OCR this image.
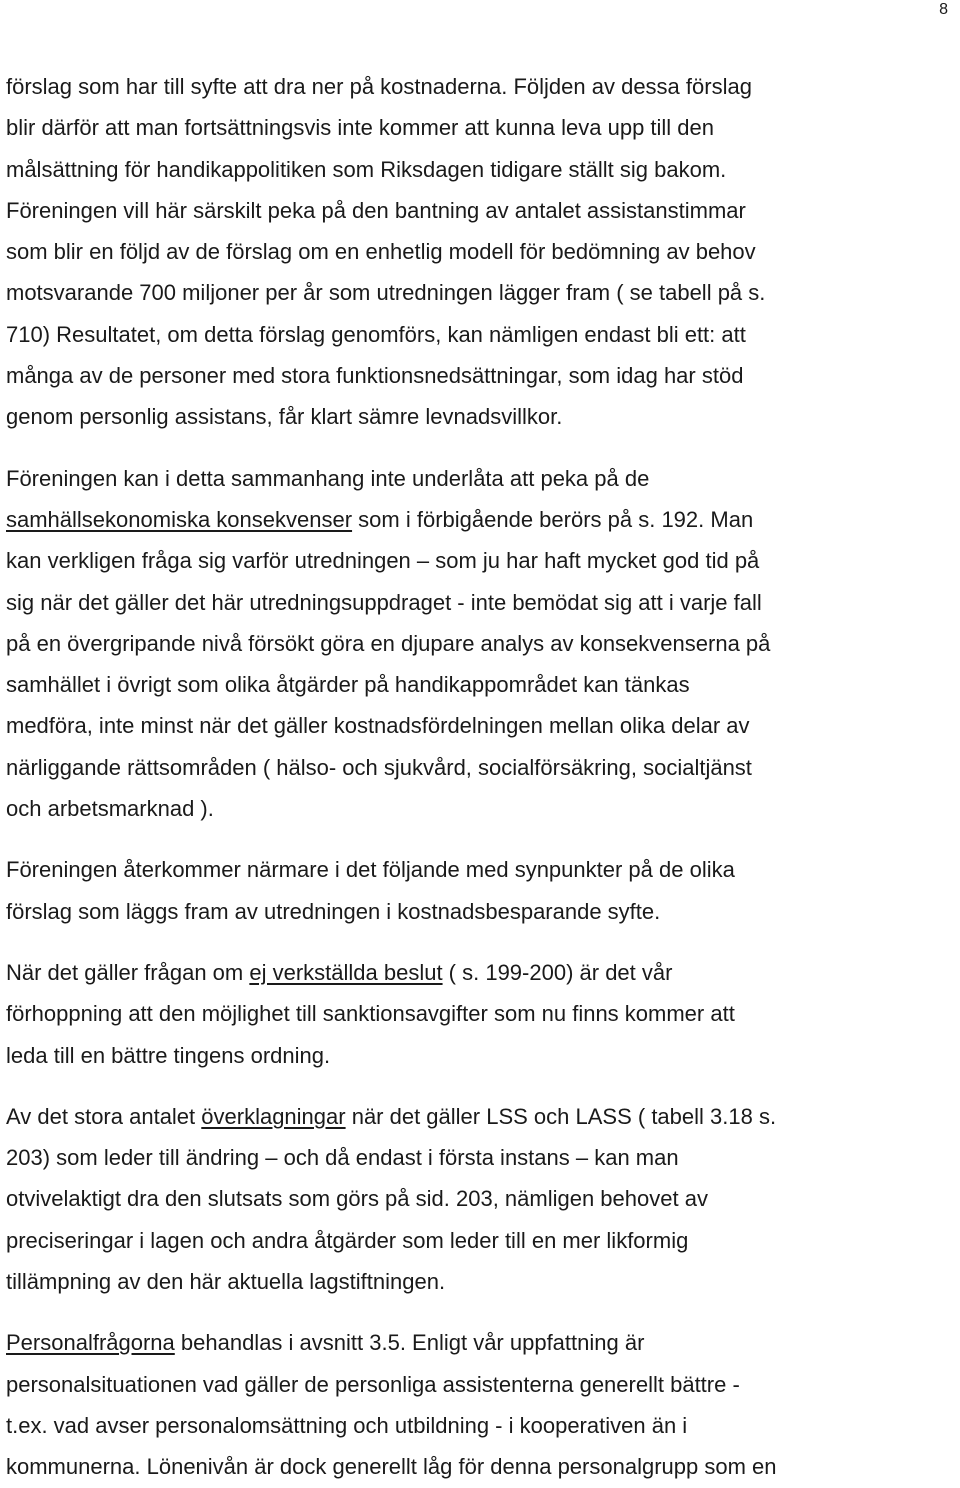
8
förslag som har till syfte att dra ner på kostnaderna. Följden av dessa förslag
blir därför att man fortsättningsvis inte kommer att kunna leva upp till den
målsättning för handikappolitiken som Riksdagen tidigare ställt sig bakom.
Föreningen vill här särskilt peka på den bantning av antalet assistanstimmar
som blir en följd av de förslag om en enhetlig modell för bedömning av behov
motsvarande 700 miljoner per år som utredningen lägger fram ( se tabell på s.
710) Resultatet, om detta förslag genomförs, kan nämligen endast bli ett: att
många av de personer med stora funktionsnedsättningar, som idag har stöd
genom personlig assistans, får klart sämre levnadsvillkor.
Föreningen kan i detta sammanhang inte underlåta att peka på de
samhällsekonomiska konsekvenser som i förbigående berörs på s. 192. Man
kan verkligen fråga sig varför utredningen – som ju har haft mycket god tid på
sig när det gäller det här utredningsuppdraget - inte bemödat sig att i varje fall
på en övergripande nivå försökt göra en djupare analys av konsekvenserna på
samhället i övrigt som olika åtgärder på handikappområdet kan tänkas
medföra, inte minst när det gäller kostnadsfördelningen mellan olika delar av
närliggande rättsområden ( hälso- och sjukvård, socialförsäkring, socialtjänst
och arbetsmarknad ).
Föreningen återkommer närmare i det följande med synpunkter på de olika
förslag som läggs fram av utredningen i kostnadsbesparande syfte.
När det gäller frågan om ej verkställda beslut ( s. 199-200) är det vår
förhoppning att den möjlighet till sanktionsavgifter som nu finns kommer att
leda till en bättre tingens ordning.
Av det stora antalet överklagningar när det gäller LSS och LASS ( tabell 3.18 s.
203) som leder till ändring – och då endast i första instans – kan man
otvivelaktigt dra den slutsats som görs på sid. 203, nämligen behovet av
preciseringar i lagen och andra åtgärder som leder till en mer likformig
tillämpning av den här aktuella lagstiftningen.
Personalfrågorna behandlas i avsnitt 3.5. Enligt vår uppfattning är
personalsituationen vad gäller de personliga assistenterna generellt bättre -
t.ex. vad avser personalomsättning och utbildning - i kooperativen än i
kommunerna. Lönenivån är dock generellt låg för denna personalgrupp som en
